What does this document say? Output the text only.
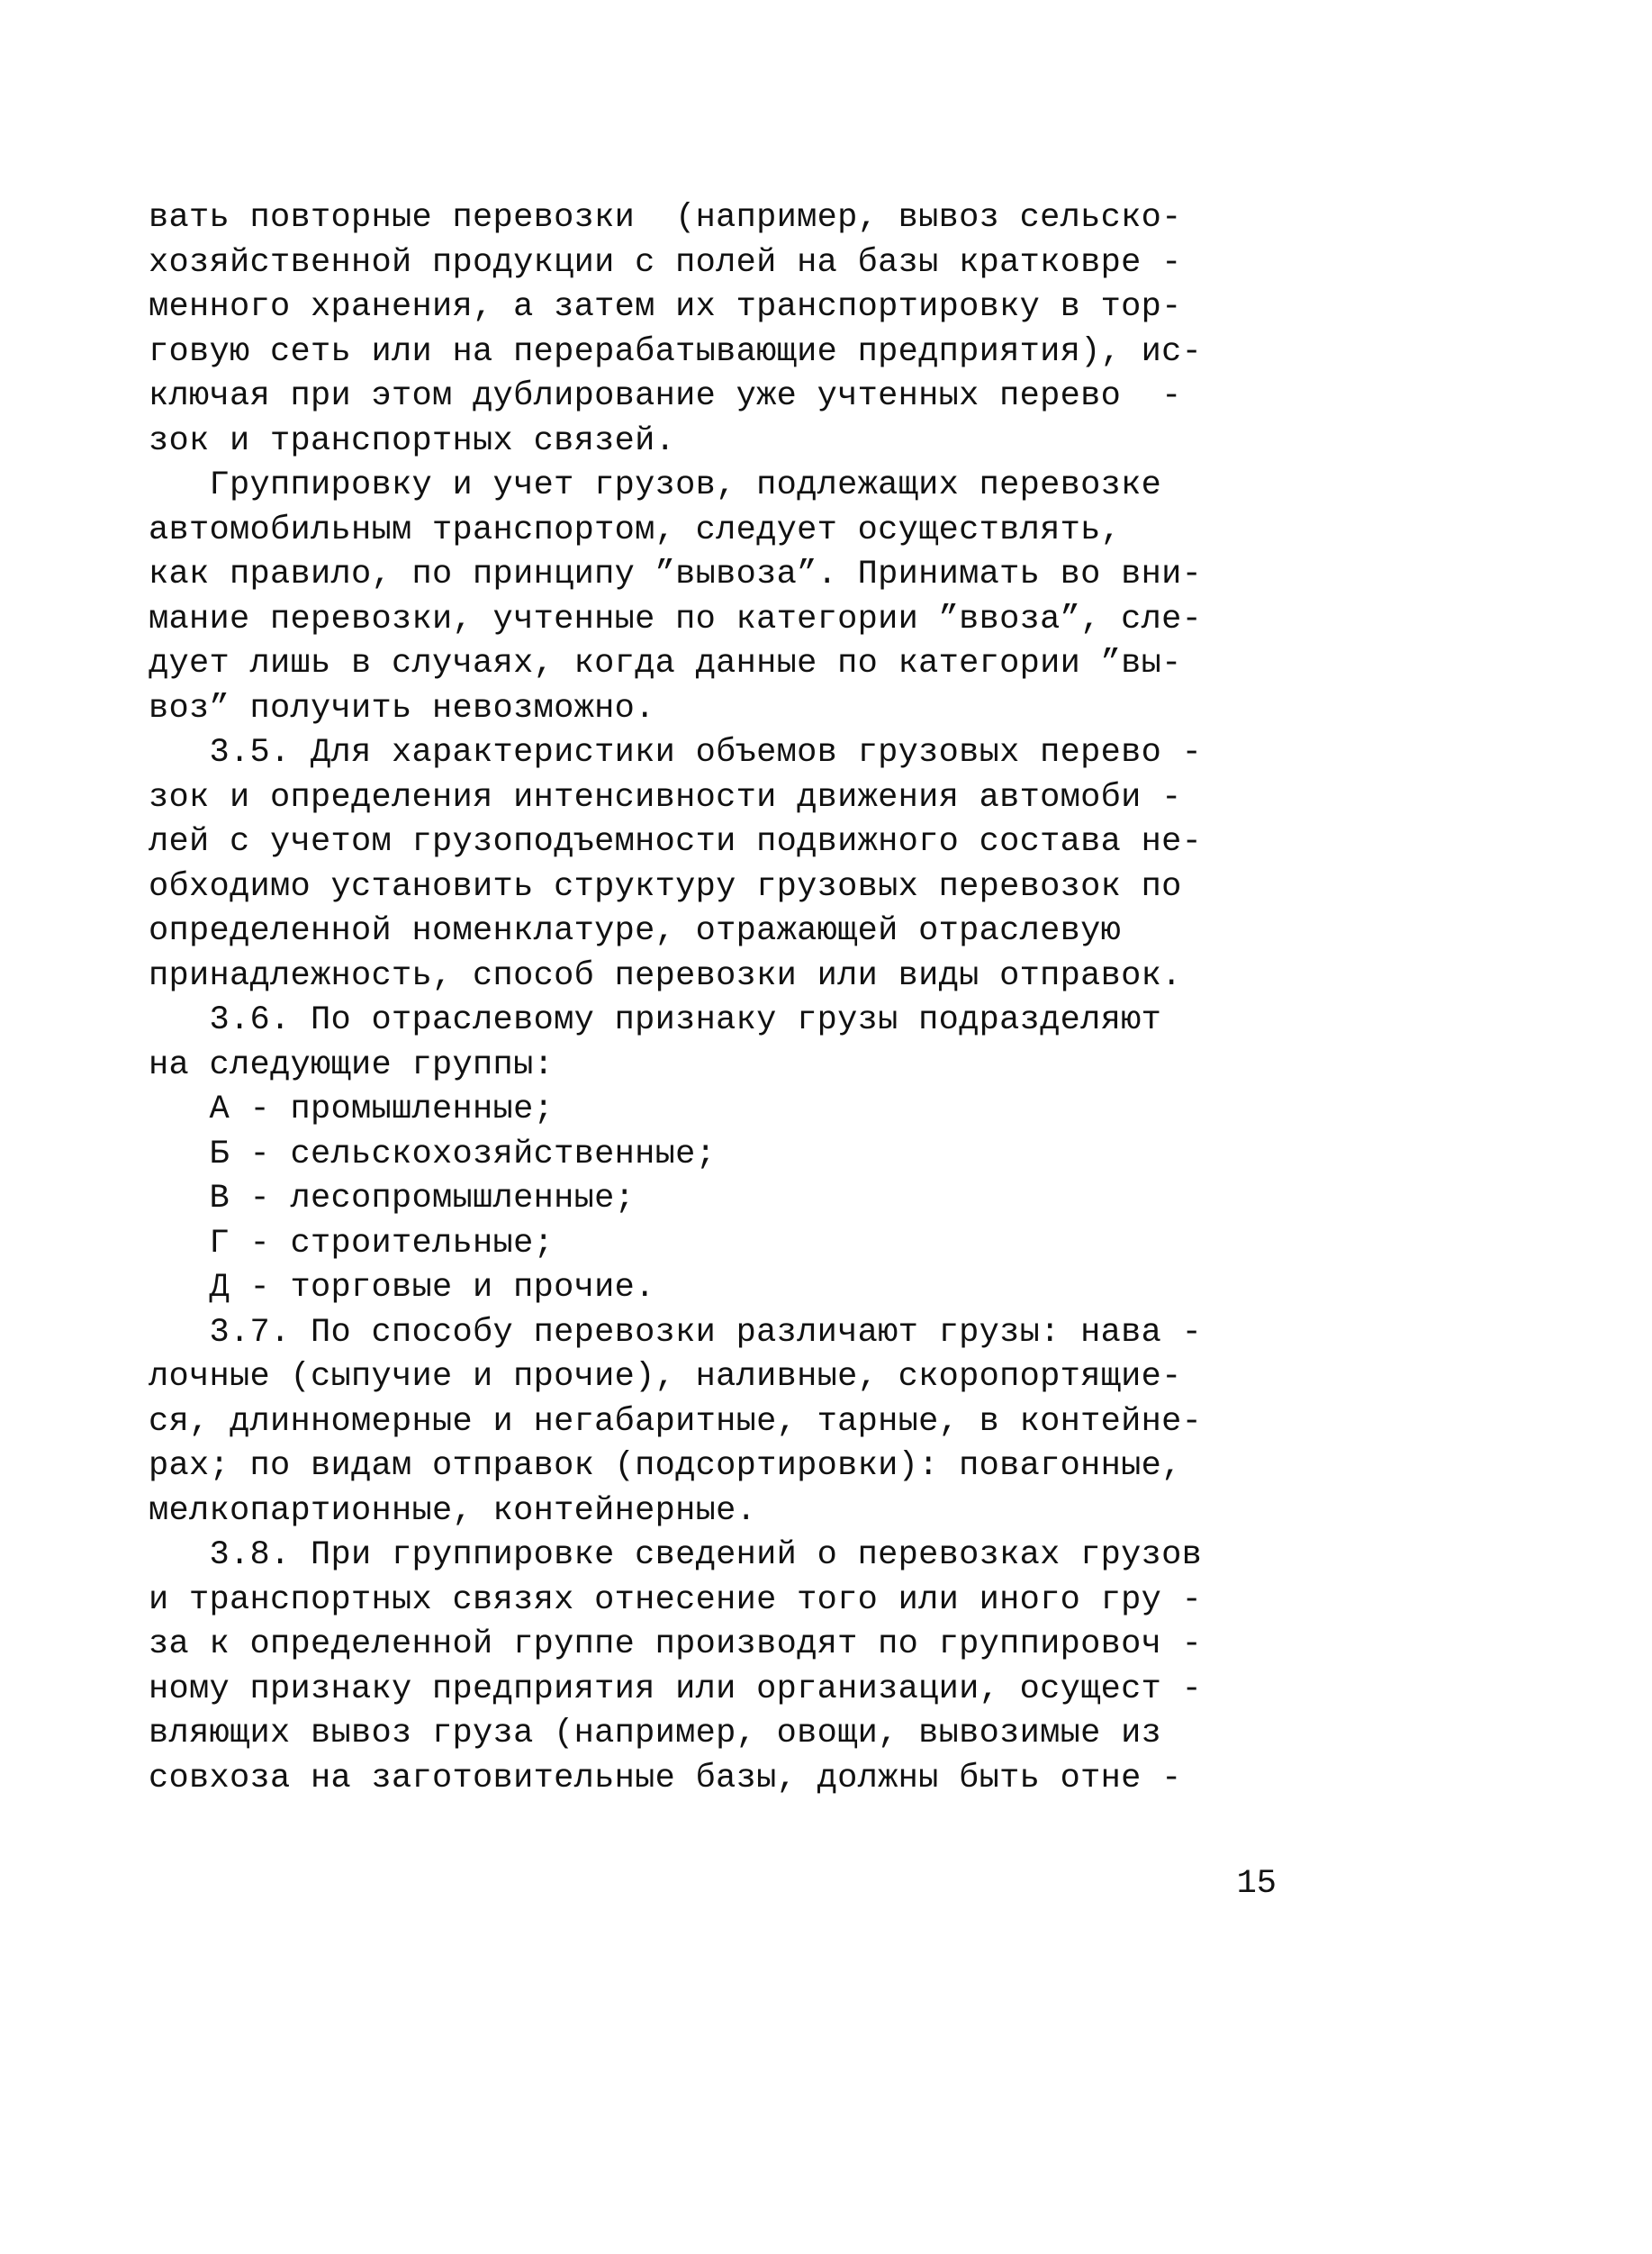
вать повторные перевозки  (например, вывоз сельско-
хозяйственной продукции с полей на базы кратковре -
менного хранения, а затем их транспортировку в тор-
говую сеть или на перерабатывающие предприятия), ис-
ключая при этом дублирование уже учтенных перево  -
зок и транспортных связей.
Группировку и учет грузов, подлежащих перевозке
автомобильным транспортом, следует осуществлять,
как правило, по принципу ”вывоза”. Принимать во вни-
мание перевозки, учтенные по категории ”ввоза”, сле-
дует лишь в случаях, когда данные по категории ”вы-
воз” получить невозможно.
3.5. Для характеристики объемов грузовых перево -
зок и определения интенсивности движения автомоби -
лей с учетом грузоподъемности подвижного состава не-
обходимо установить структуру грузовых перевозок по
определенной номенклатуре, отражающей отраслевую
принадлежность, способ перевозки или виды отправок.
3.6. По отраслевому признаку грузы подразделяют
на следующие группы:
А - промышленные;
Б - сельскохозяйственные;
В - лесопромышленные;
Г - строительные;
Д - торговые и прочие.
3.7. По способу перевозки различают грузы: нава -
лочные (сыпучие и прочие), наливные, скоропортящие-
ся, длинномерные и негабаритные, тарные, в контейне-
рах; по видам отправок (подсортировки): повагонные,
мелкопартионные, контейнерные.
3.8. При группировке сведений о перевозках грузов
и транспортных связях отнесение того или иного гру -
за к определенной группе производят по группировоч -
ному признаку предприятия или организации, осущест -
вляющих вывоз груза (например, овощи, вывозимые из
совхоза на заготовительные базы, должны быть отне -
15
